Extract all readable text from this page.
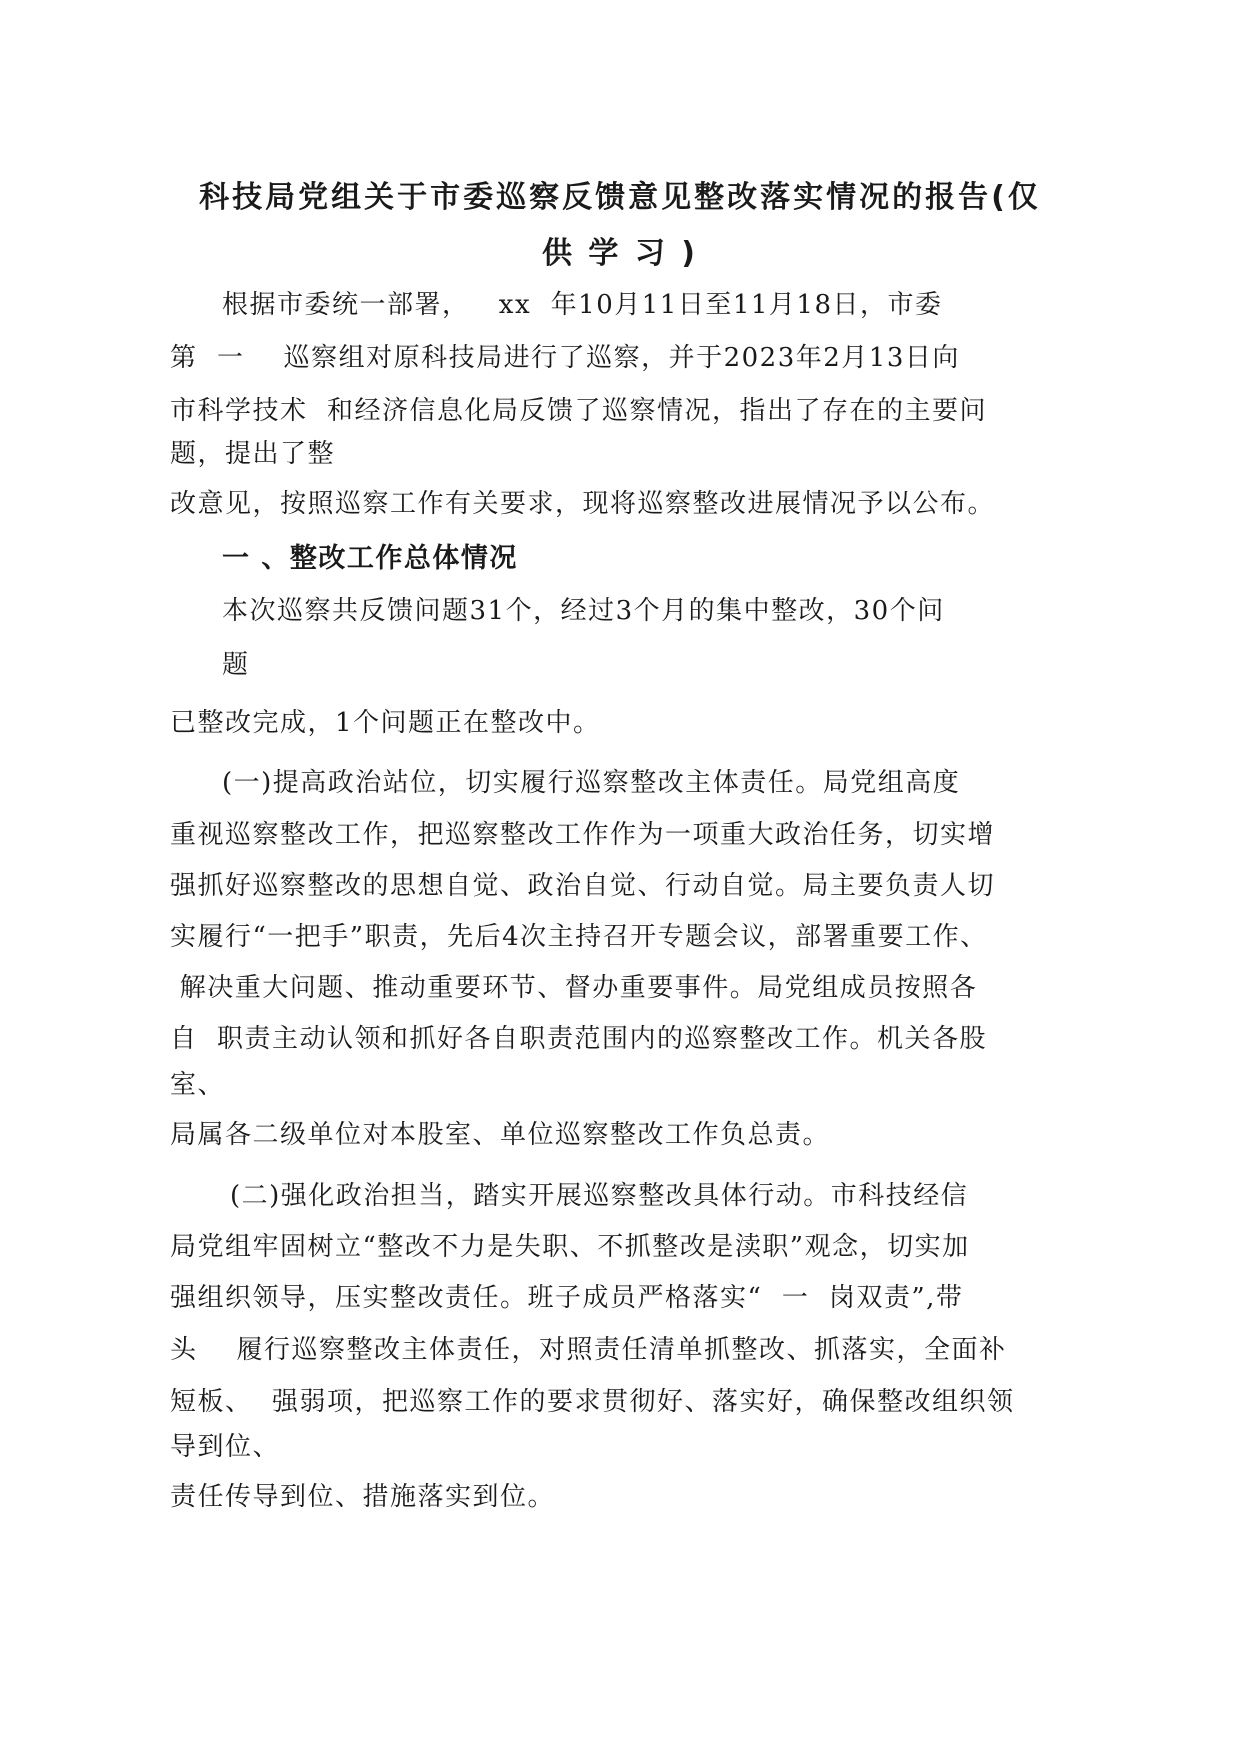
科技局党组关于市委巡察反馈意见整改落实情况的报告(仅
供 学 习 )
根据市委统一部署，   xx  年10月11日至11月18日，市委
第  一    巡察组对原科技局进行了巡察，并于2023年2月13日向
市科学技术  和经济信息化局反馈了巡察情况，指出了存在的主要问
题，提出了整
改意见，按照巡察工作有关要求，现将巡察整改进展情况予以公布。
一 、整改工作总体情况
本次巡察共反馈问题31个，经过3个月的集中整改，30个问
题
已整改完成，1个问题正在整改中。
(一)提高政治站位，切实履行巡察整改主体责任。局党组高度
重视巡察整改工作，把巡察整改工作作为一项重大政治任务，切实增
强抓好巡察整改的思想自觉、政治自觉、行动自觉。局主要负责人切
实履行“一把手”职责，先后4次主持召开专题会议，部署重要工作、
解决重大问题、推动重要环节、督办重要事件。局党组成员按照各
自  职责主动认领和抓好各自职责范围内的巡察整改工作。机关各股
室、
局属各二级单位对本股室、单位巡察整改工作负总责。
(二)强化政治担当，踏实开展巡察整改具体行动。市科技经信
局党组牢固树立“整改不力是失职、不抓整改是渎职”观念，切实加
强组织领导，压实整改责任。班子成员严格落实“  一  岗双责”,带
头    履行巡察整改主体责任，对照责任清单抓整改、抓落实，全面补
短板、  强弱项，把巡察工作的要求贯彻好、落实好，确保整改组织领
导到位、
责任传导到位、措施落实到位。
